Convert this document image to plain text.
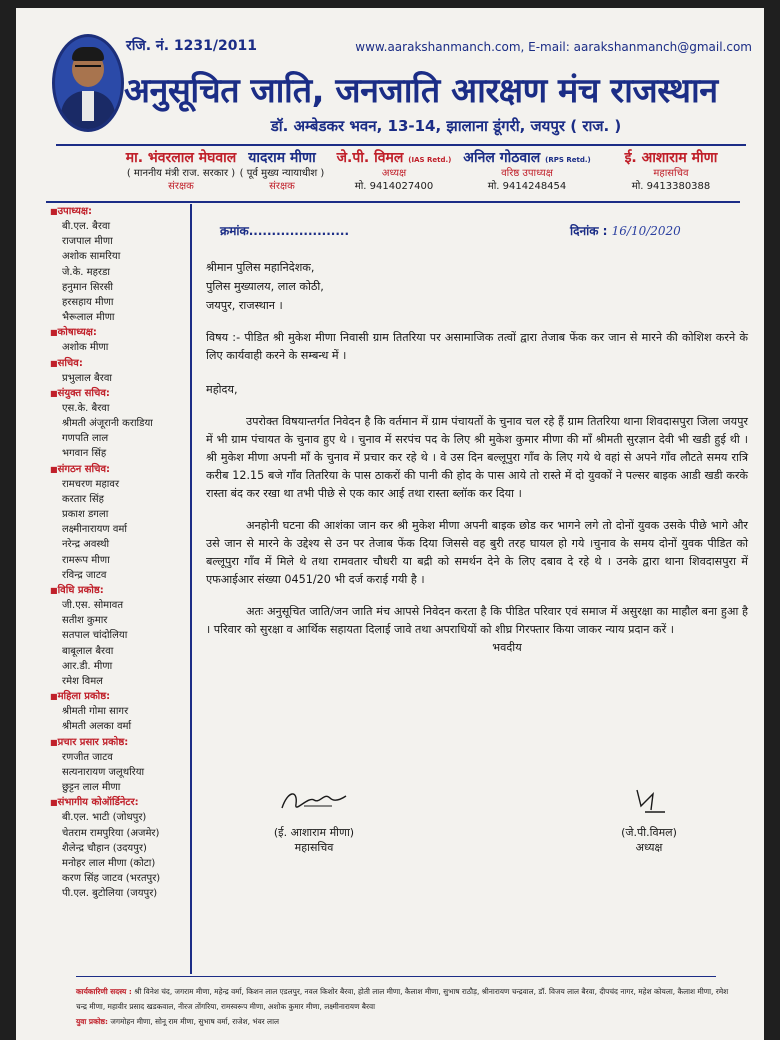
रजि. नं. 1231/2011	www.aarakshanmanch.com, E-mail: aarakshanmanch@gmail.com
अनुसूचित जाति, जनजाति आरक्षण मंच राजस्थान
डॉ. अम्बेडकर भवन, 13-14, झालाना डूंगरी, जयपुर ( राज. )
मा. भंवरलाल मेघवाल
( माननीय मंत्री राज. सरकार )
संरक्षक
यादराम मीणा
( पूर्व मुख्य न्यायाधीश )
संरक्षक
जे.पी. विमल (IAS Retd.)
अध्यक्ष
मो. 9414027400
अनिल गोठवाल (RPS Retd.)
वरिष्ठ उपाध्यक्ष
मो. 9414248454
ई. आशाराम मीणा
महासचिव
मो. 9413380388
■ उपाध्यक्ष:
बी.एल. बैरवा
राजपाल मीणा
अशोक सामरिया
जे.के. महरडा
हनुमान सिरसी
हरसहाय मीणा
भैरूलाल मीणा
■ कोषाध्यक्ष:
अशोक मीणा
■ सचिव:
प्रभुलाल बैरवा
■ संयुक्त सचिव:
एस.के. बैरवा
श्रीमती अंजूरानी कराडिया
गणपति लाल
भगवान सिंह
■ संगठन सचिव:
रामचरण महावर
करतार सिंह
प्रकाश डगला
लक्ष्मीनारायण वर्मा
नरेन्द्र अवस्थी
रामरूप मीणा
रविन्द्र जाटव
■ विधि प्रकोष्ठ:
जी.एस. सोमावत
सतीश कुमार
सतपाल चांदोलिया
बाबूलाल बैरवा
आर.डी. मीणा
रमेश विमल
■ महिला प्रकोष्ठ:
श्रीमती गोमा सागर
श्रीमती अलका वर्मा
■ प्रचार प्रसार प्रकोष्ठ:
रणजीत जाटव
सत्यनारायण जलूथरिया
छुट्टन लाल मीणा
■ संभागीय कोऑर्डिनेटर:
बी.एल. भाटी (जोधपुर)
चेतराम रामपुरिया (अजमेर)
शैलेन्द्र चौहान (उदयपुर)
मनोहर लाल मीणा (कोटा)
करण सिंह जाटव (भरतपुर)
पी.एल. बुटोलिया (जयपुर)
क्रमांक......................	दिनांक : 16/10/2020
श्रीमान पुलिस महानिदेशक,
पुलिस मुख्यालय, लाल कोठी,
जयपुर, राजस्थान ।
विषय :- पीडित श्री मुकेश मीणा निवासी ग्राम तितरिया पर असामाजिक तत्वों द्वारा तेजाब फेंक कर जान से मारने की कोशिश करने के लिए कार्यवाही करने के सम्बन्ध में ।
महोदय,
उपरोक्त विषयान्तर्गत निवेदन है कि वर्तमान में ग्राम पंचायतों के चुनाव चल रहे हैं ग्राम तितरिया थाना शिवदासपुरा जिला जयपुर में भी ग्राम पंचायत के चुनाव हुए थे । चुनाव में सरपंच पद के लिए श्री मुकेश कुमार मीणा की माँ श्रीमती सुरज्ञान देवी भी खडी हुई थी । श्री मुकेश मीणा अपनी माँ के चुनाव में प्रचार कर रहे थे । वे उस दिन बल्लूपुरा गाँव के लिए गये थे वहां से अपने गाँव लौटते समय रात्रि करीब 12.15 बजे गाँव तितरिया के पास ठाकरों की पानी की होद के पास आये तो रास्ते में दो युवकों ने पल्सर बाइक आडी खडी करके रास्ता बंद कर रखा था तभी पीछे से एक कार आई तथा रास्ता ब्लॉक कर दिया ।
अनहोनी घटना की आशंका जान कर श्री मुकेश मीणा अपनी बाइक छोड कर भागने लगे तो दोनों युवक उसके पीछे भागे और उसे जान से मारने के उद्देश्य से उन पर तेजाब फेंक दिया जिससे वह बुरी तरह घायल हो गये ।चुनाव के समय दोनों युवक पीडित को बल्लूपुरा गाँव में मिले थे तथा रामवतार चौधरी या बद्री को समर्थन देने के लिए दबाव दे रहे थे । उनके द्वारा थाना शिवदासपुरा में एफआईआर संख्या 0451/20 भी दर्ज कराई गयी है ।
अतः अनुसूचित जाति/जन जाति मंच आपसे निवेदन करता है कि पीडित परिवार एवं समाज में असुरक्षा का माहौल बना हुआ है । परिवार को सुरक्षा व आर्थिक सहायता दिलाई जावे तथा अपराधियों को शीघ्र गिरफ्तार किया जाकर न्याय प्रदान करें ।
भवदीय
(ई. आशाराम मीणा)
महासचिव
(जे.पी.विमल)
अध्यक्ष
कार्यकारिणी सदस्य : श्री विनेश चंद, जगराम मीणा, महेन्द्र वर्मा, किशन लाल एडलपुर, नवल किशोर बैरवा, होती लाल मीणा, कैलाश मीणा, सुभाष राठौड़, श्रीनारायण चन्द्रवाल, डॉ. विजय लाल बैरवा, दीपचंद नागर, महेश कोयला, कैलाश मीणा, रमेश चन्द्र मीणा, महावीर प्रसाद खडकवाल, नीरज तोंगरिया, रामस्वरूप मीणा, अशोक कुमार मीणा, लक्ष्मीनारायण बैरवा
युवा प्रकोष्ठ: जगमोहन मीणा, सोनू राम मीणा, सुभाष वर्मा, राजेश, भंवर लाल
